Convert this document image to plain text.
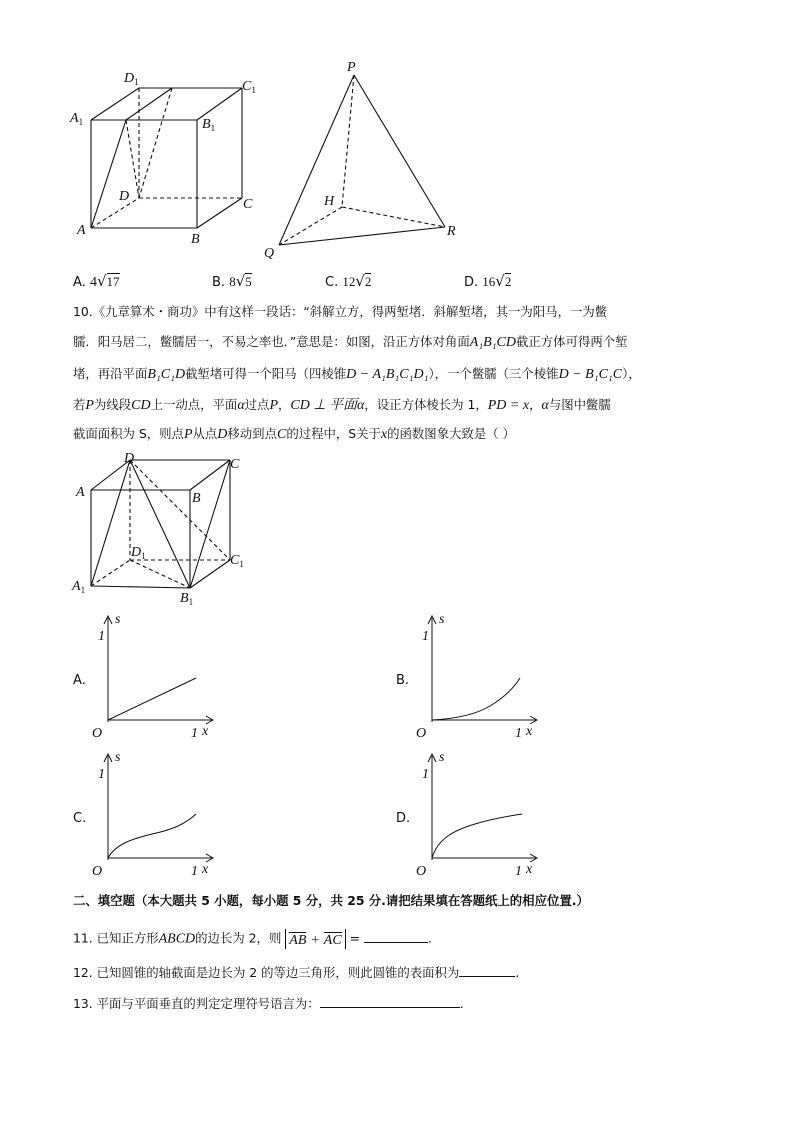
$D_1$
$A_1$	$B_1$
$C_1$
D
C
A
B
P
H
Q
R
A. 4√17	B. 8√5	C. 12√2	D. 16√2
10.《九章算术・商功》中有这样一段话：“斜解立方，得两堑堵．斜解堑堵，其一为阳马，一为鳖
臑．阳马居二，鳖臑居一，不易之率也．”意思是：如图，沿正方体对角面A₁B₁CD截正方体可得两个堑
堵，再沿平面B₁C₁D截堑堵可得一个阳马（四棱锥D − A₁B₁C₁D₁），一个鳖臑（三个棱锥D − B₁C₁C），
若P为线段CD上一动点，平面α过点P，CD ⊥ 平面α，设正方体棱长为 1，PD = x，α与图中鳖臑
截面面积为 S，则点P从点D移动到点C的过程中，S关于x的函数图象大致是（ ）
D	C
A	B
$D_1$	$C_1$
$A_1$
$B_1$
A.	B.
C.	D.
s
1
O	1 x
s
1
O	1 x
s
1
O	1 x
s
1
O	1 x
二、填空题（本大题共 5 小题，每小题 5 分，共 25 分.请把结果填在答题纸上的相应位置.）
11. 已知正方形ABCD的边长为 2，则 AB + AC =	.
12. 已知圆锥的轴截面是边长为 2 的等边三角形，则此圆锥的表面积为	.
13. 平面与平面垂直的判定定理符号语言为：	.
